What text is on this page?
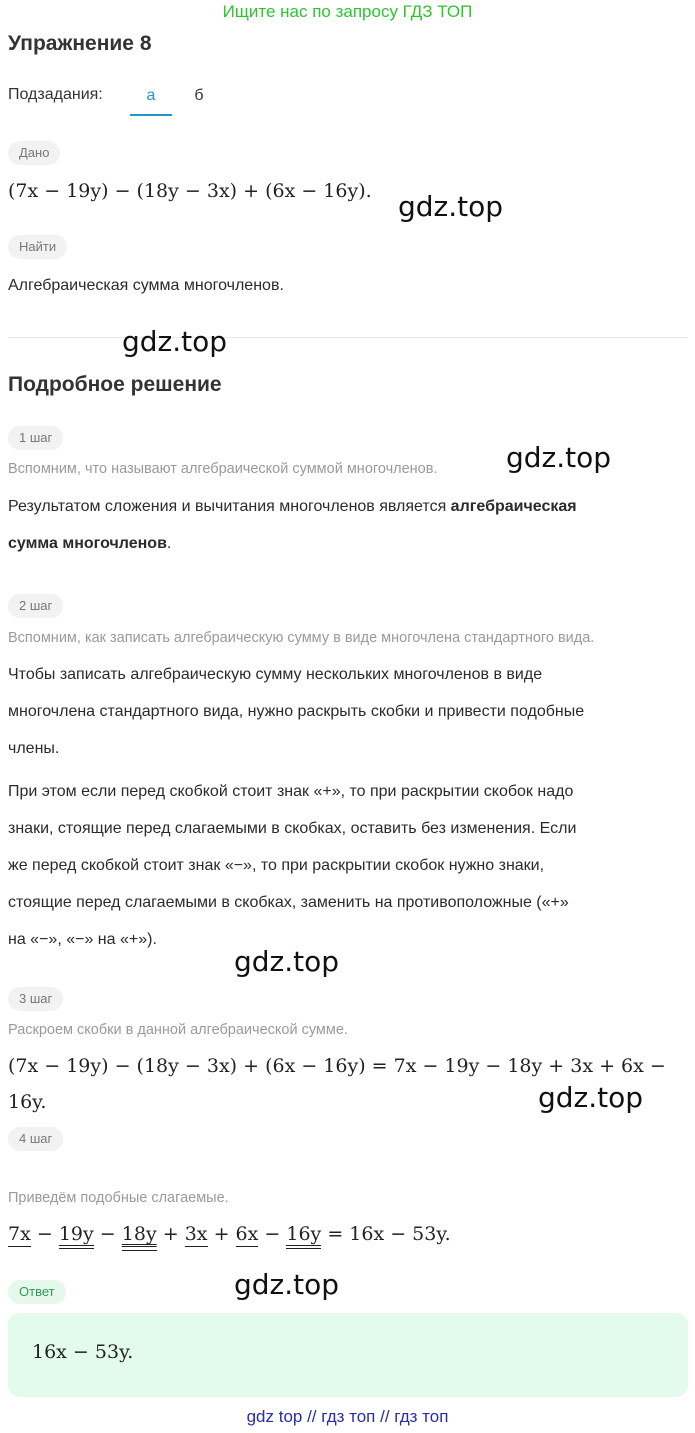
Ищите нас по запросу ГДЗ ТОП
Упражнение 8
Подзадания:	а	б
Дано
(7x − 19y) − (18y − 3x) + (6x − 16y). gdz.top
Найти
Алгебраическая сумма многочленов.
gdz.top
Подробное решение
1 шаг
Вспомним, что называют алгебраической суммой многочленов. gdz.top
Результатом сложения и вычитания многочленов является алгебраическая
сумма многочленов.
2 шаг
Вспомним, как записать алгебраическую сумму в виде многочлена стандартного вида.
Чтобы записать алгебраическую сумму нескольких многочленов в виде
многочлена стандартного вида, нужно раскрыть скобки и привести подобные
члены.
При этом если перед скобкой стоит знак «+», то при раскрытии скобок надо
знаки, стоящие перед слагаемыми в скобках, оставить без изменения. Если
же перед скобкой стоит знак «−», то при раскрытии скобок нужно знаки,
стоящие перед слагаемыми в скобках, заменить на противоположные («+»
на «−», «−» на «+»).
gdz.top
3 шаг
Раскроем скобки в данной алгебраической сумме.
(7x − 19y) − (18y − 3x) + (6x − 16y) = 7x − 19y − 18y + 3x + 6x −
16y.	gdz.top
4 шаг
Приведём подобные слагаемые.
7x − 19y − 18y + 3x + 6x − 16y = 16x − 53y.
gdz.top
Ответ
16x − 53y.
gdz top // гдз топ // гдз топ
